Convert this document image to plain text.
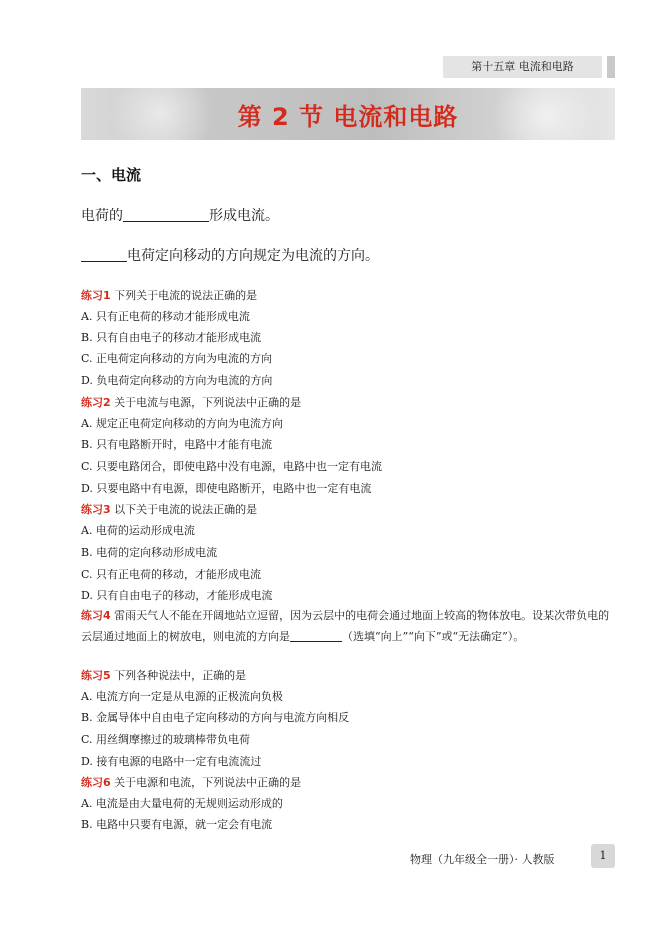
第十五章 电流和电路
第 2 节 电流和电路
一、电流
电荷的	形成电流。
电荷定向移动的方向规定为电流的方向。
练习1 下列关于电流的说法正确的是
A. 只有正电荷的移动才能形成电流
B. 只有自由电子的移动才能形成电流
C. 正电荷定向移动的方向为电流的方向
D. 负电荷定向移动的方向为电流的方向
练习2 关于电流与电源，下列说法中正确的是
A. 规定正电荷定向移动的方向为电流方向
B. 只有电路断开时，电路中才能有电流
C. 只要电路闭合，即使电路中没有电源，电路中也一定有电流
D. 只要电路中有电源，即使电路断开，电路中也一定有电流
练习3 以下关于电流的说法正确的是
A. 电荷的运动形成电流
B. 电荷的定向移动形成电流
C. 只有正电荷的移动，才能形成电流
D. 只有自由电子的移动，才能形成电流
练习4 雷雨天气人不能在开阔地站立逗留，因为云层中的电荷会通过地面上较高的物体放电。设某次带负电的云层通过地面上的树放电，则电流的方向是	（选填“向上”“向下”或“无法确定”）。
练习5 下列各种说法中，正确的是
A. 电流方向一定是从电源的正极流向负极
B. 金属导体中自由电子定向移动的方向与电流方向相反
C. 用丝绸摩擦过的玻璃棒带负电荷
D. 接有电源的电路中一定有电流流过
练习6 关于电源和电流，下列说法中正确的是
A. 电流是由大量电荷的无规则运动形成的
B. 电路中只要有电源，就一定会有电流
物理（九年级全一册）· 人教版	1
